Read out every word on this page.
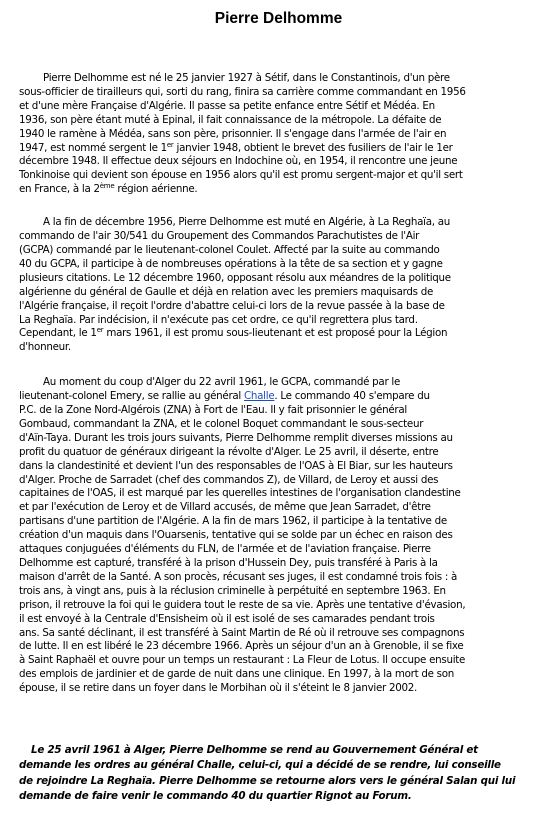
Pierre Delhomme
Pierre Delhomme est né le 25 janvier 1927 à Sétif, dans le Constantinois, d'un père
sous-officier de tirailleurs qui, sorti du rang, finira sa carrière comme commandant en 1956
et d'une mère Française d'Algérie. Il passe sa petite enfance entre Sétif et Médéa. En
1936, son père étant muté à Epinal, il fait connaissance de la métropole. La défaite de
1940 le ramène à Médéa, sans son père, prisonnier. Il s'engage dans l'armée de l'air en
1947, est nommé sergent le 1er janvier 1948, obtient le brevet des fusiliers de l'air le 1er
décembre 1948. Il effectue deux séjours en Indochine où, en 1954, il rencontre une jeune
Tonkinoise qui devient son épouse en 1956 alors qu'il est promu sergent-major et qu'il sert
en France, à la 2ème région aérienne.
A la fin de décembre 1956, Pierre Delhomme est muté en Algérie, à La Reghaïa, au
commando de l'air 30/541 du Groupement des Commandos Parachutistes de l'Air
(GCPA) commandé par le lieutenant-colonel Coulet. Affecté par la suite au commando
40 du GCPA, il participe à de nombreuses opérations à la tête de sa section et y gagne
plusieurs citations. Le 12 décembre 1960, opposant résolu aux méandres de la politique
algérienne du général de Gaulle et déjà en relation avec les premiers maquisards de
l'Algérie française, il reçoit l'ordre d'abattre celui-ci lors de la revue passée à la base de
La Reghaïa. Par indécision, il n'exécute pas cet ordre, ce qu'il regrettera plus tard.
Cependant, le 1er mars 1961, il est promu sous-lieutenant et est proposé pour la Légion
d'honneur.
Au moment du coup d'Alger du 22 avril 1961, le GCPA, commandé par le
lieutenant-colonel Emery, se rallie au général Challe. Le commando 40 s'empare du
P.C. de la Zone Nord-Algérois (ZNA) à Fort de l'Eau. Il y fait prisonnier le général
Gombaud, commandant la ZNA, et le colonel Boquet commandant le sous-secteur
d'Aïn-Taya. Durant les trois jours suivants, Pierre Delhomme remplit diverses missions au
profit du quatuor de généraux dirigeant la révolte d'Alger. Le 25 avril, il déserte, entre
dans la clandestinité et devient l'un des responsables de l'OAS à El Biar, sur les hauteurs
d'Alger. Proche de Sarradet (chef des commandos Z), de Villard, de Leroy et aussi des
capitaines de l'OAS, il est marqué par les querelles intestines de l'organisation clandestine
et par l'exécution de Leroy et de Villard accusés, de même que Jean Sarradet, d'être
partisans d'une partition de l'Algérie. A la fin de mars 1962, il participe à la tentative de
création d'un maquis dans l'Ouarsenis, tentative qui se solde par un échec en raison des
attaques conjuguées d'éléments du FLN, de l'armée et de l'aviation française. Pierre
Delhomme est capturé, transféré à la prison d'Hussein Dey, puis transféré à Paris à la
maison d'arrêt de la Santé. A son procès, récusant ses juges, il est condamné trois fois : à
trois ans, à vingt ans, puis à la réclusion criminelle à perpétuité en septembre 1963. En
prison, il retrouve la foi qui le guidera tout le reste de sa vie. Après une tentative d'évasion,
il est envoyé à la Centrale d'Ensisheim où il est isolé de ses camarades pendant trois
ans. Sa santé déclinant, il est transféré à Saint Martin de Ré où il retrouve ses compagnons
de lutte. Il en est libéré le 23 décembre 1966. Après un séjour d'un an à Grenoble, il se fixe
à Saint Raphaël et ouvre pour un temps un restaurant : La Fleur de Lotus. Il occupe ensuite
des emplois de jardinier et de garde de nuit dans une clinique. En 1997, à la mort de son
épouse, il se retire dans un foyer dans le Morbihan où il s'éteint le 8 janvier 2002.
Le 25 avril 1961 à Alger, Pierre Delhomme se rend au Gouvernement Général et
demande les ordres au général Challe, celui-ci, qui a décidé de se rendre, lui conseille
de rejoindre La Reghaïa. Pierre Delhomme se retourne alors vers le général Salan qui lui
demande de faire venir le commando 40 du quartier Rignot au Forum.
